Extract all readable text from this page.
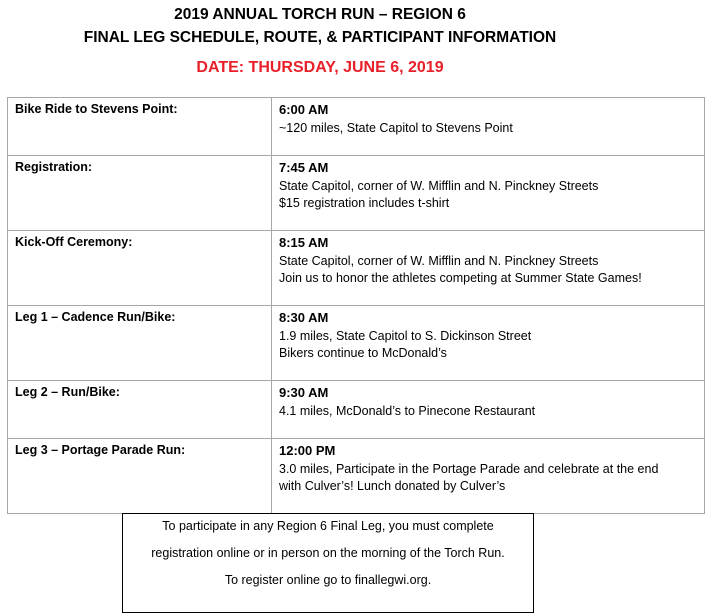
2019 ANNUAL TORCH RUN – REGION 6
FINAL LEG SCHEDULE, ROUTE, & PARTICIPANT INFORMATION
DATE: THURSDAY, JUNE 6, 2019
Bike Ride to Stevens Point:	6:00 AM
~120 miles, State Capitol to Stevens Point

Registration:	7:45 AM
State Capitol, corner of W. Mifflin and N. Pinckney Streets
$15 registration includes t-shirt

Kick-Off Ceremony:	8:15 AM
State Capitol, corner of W. Mifflin and N. Pinckney Streets
Join us to honor the athletes competing at Summer State Games!

Leg 1 – Cadence Run/Bike:	8:30 AM
1.9 miles, State Capitol to S. Dickinson Street
Bikers continue to McDonald’s

Leg 2 – Run/Bike:	9:30 AM
4.1 miles, McDonald’s to Pinecone Restaurant

Leg 3 – Portage Parade Run:	12:00 PM
3.0 miles, Participate in the Portage Parade and celebrate at the end
with Culver’s! Lunch donated by Culver’s
To participate in any Region 6 Final Leg, you must complete
registration online or in person on the morning of the Torch Run.
To register online go to finallegwi.org.
